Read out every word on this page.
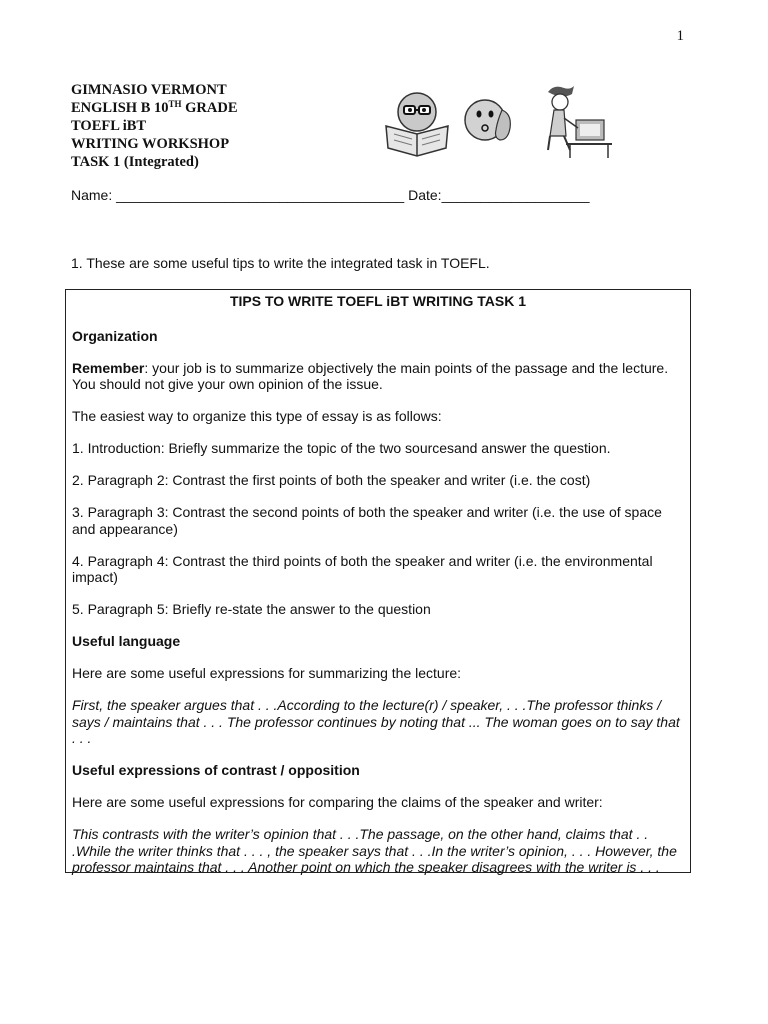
1
GIMNASIO VERMONT
ENGLISH B 10TH GRADE
TOEFL iBT
WRITING WORKSHOP
TASK 1 (Integrated)
Name: _____________________________________ Date:___________________
1. These are some useful tips to write the integrated task in TOEFL.

TIPS TO WRITE TOEFL iBT WRITING TASK 1

Organization

Remember: your job is to summarize objectively the main points of the passage and the lecture. You should not give your own opinion of the issue.

The easiest way to organize this type of essay is as follows:

1. Introduction: Briefly summarize the topic of the two sourcesand answer the question.

2. Paragraph 2: Contrast the first points of both the speaker and writer (i.e. the cost)

3. Paragraph 3: Contrast the second points of both the speaker and writer (i.e. the use of space and appearance)

4. Paragraph 4: Contrast the third points of both the speaker and writer (i.e. the environmental impact)

5. Paragraph 5: Briefly re-state the answer to the question

Useful language

Here are some useful expressions for summarizing the lecture:

First, the speaker argues that . . .According to the lecture(r) / speaker, . . .The professor thinks / says / maintains that . . . The professor continues by noting that ... The woman goes on to say that . . .

Useful expressions of contrast / opposition

Here are some useful expressions for comparing the claims of the speaker and writer:

This contrasts with the writer’s opinion that . . .The passage, on the other hand, claims that . . .While the writer thinks that . . . , the speaker says that . . .In the writer’s opinion, . . . However, the professor maintains that . . . Another point on which the speaker disagrees with the writer is . . .
